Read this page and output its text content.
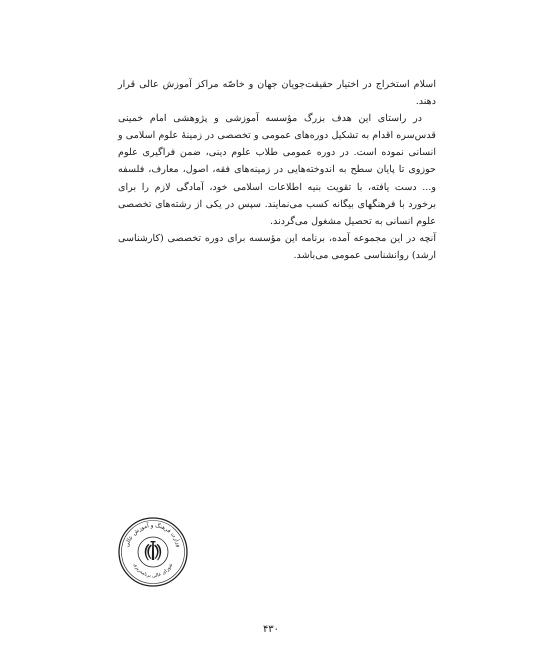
اسلام استخراج در اختیار حقیقت‌جویان جهان و خاصّه مراکز آموزش عالی قرار دهند.

در راستای این هدف بزرگ مؤسسه آموزشی و پژوهشی امام خمینی قدس‌سره اقدام به تشکیل دوره‌های عمومی و تخصصی در زمینهٔ علوم اسلامی و انسانی نموده است. در دوره عمومی طلاب علوم دینی، ضمن فراگیری علوم حوزوی تا پایان سطح به اندوخته‌هایی در زمینه‌های فقه، اصول، معارف، فلسفه و... دست یافته، با تقویت بنیه اطلاعات اسلامی خود، آمادگی لازم را برای برخورد با فرهنگهای بیگانه کسب می‌نمایند. سپس در یکی از رشته‌های تخصصی علوم انسانی به تحصیل مشغول می‌گردند.

آنچه در این مجموعه آمده، برنامه این مؤسسه برای دوره تخصصی (کارشناسی ارشد) روانشناسی عمومی می‌باشد.

وزارت فرهنگ و آموزش عالی
شورای عالی برنامه‌ریزی
۴۳۰
